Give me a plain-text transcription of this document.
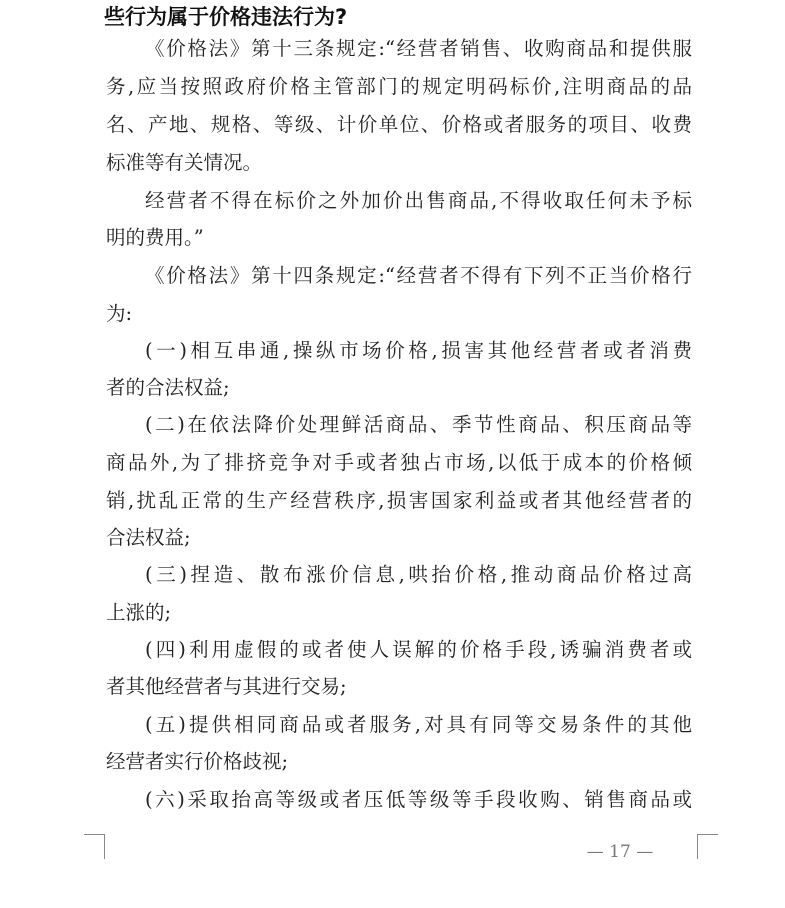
些行为属于价格违法行为?
《价格法》第十三条规定:“经营者销售、收购商品和提供服
务,应当按照政府价格主管部门的规定明码标价,注明商品的品
名、产地、规格、等级、计价单位、价格或者服务的项目、收费
标准等有关情况。
经营者不得在标价之外加价出售商品,不得收取任何未予标
明的费用。”
《价格法》第十四条规定:“经营者不得有下列不正当价格行
为:
(一)相互串通,操纵市场价格,损害其他经营者或者消费
者的合法权益;
(二)在依法降价处理鲜活商品、季节性商品、积压商品等
商品外,为了排挤竞争对手或者独占市场,以低于成本的价格倾
销,扰乱正常的生产经营秩序,损害国家利益或者其他经营者的
合法权益;
(三)捏造、散布涨价信息,哄抬价格,推动商品价格过高
上涨的;
(四)利用虚假的或者使人误解的价格手段,诱骗消费者或
者其他经营者与其进行交易;
(五)提供相同商品或者服务,对具有同等交易条件的其他
经营者实行价格歧视;
(六)采取抬高等级或者压低等级等手段收购、销售商品或
— 17 —
